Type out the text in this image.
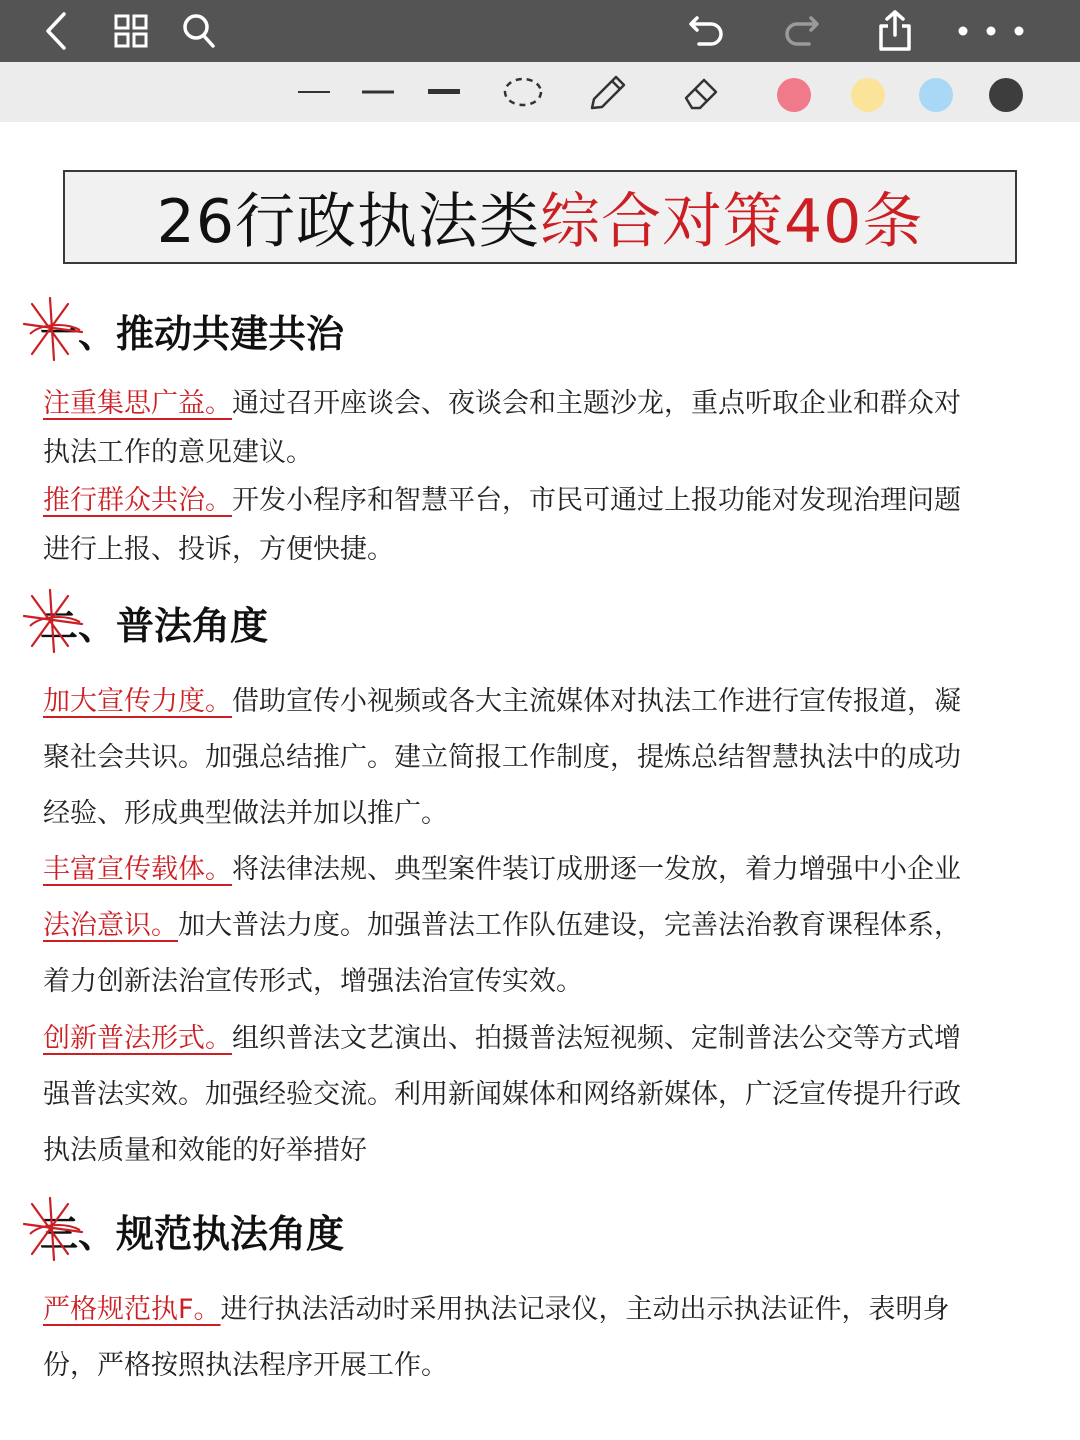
26行政执法类 综合对策40条
一、推动共建共治
注重集思广益。通过召开座谈会、夜谈会和主题沙龙，重点听取企业和群众对
执法工作的意见建议。
推行群众共治。开发小程序和智慧平台，市民可通过上报功能对发现治理问题
进行上报、投诉，方便快捷。
二、普法角度
加大宣传力度。借助宣传小视频或各大主流媒体对执法工作进行宣传报道，凝
聚社会共识。加强总结推广。建立简报工作制度，提炼总结智慧执法中的成功
经验、形成典型做法并加以推广。
丰富宣传载体。将法律法规、典型案件装订成册逐一发放，着力增强中小企业
法治意识。加大普法力度。加强普法工作队伍建设，完善法治教育课程体系，
着力创新法治宣传形式，增强法治宣传实效。
创新普法形式。组织普法文艺演出、拍摄普法短视频、定制普法公交等方式增
强普法实效。加强经验交流。利用新闻媒体和网络新媒体，广泛宣传提升行政
执法质量和效能的好举措好
三、规范执法角度
严格规范执F。进行执法活动时采用执法记录仪，主动出示执法证件，表明身
份，严格按照执法程序开展工作。
